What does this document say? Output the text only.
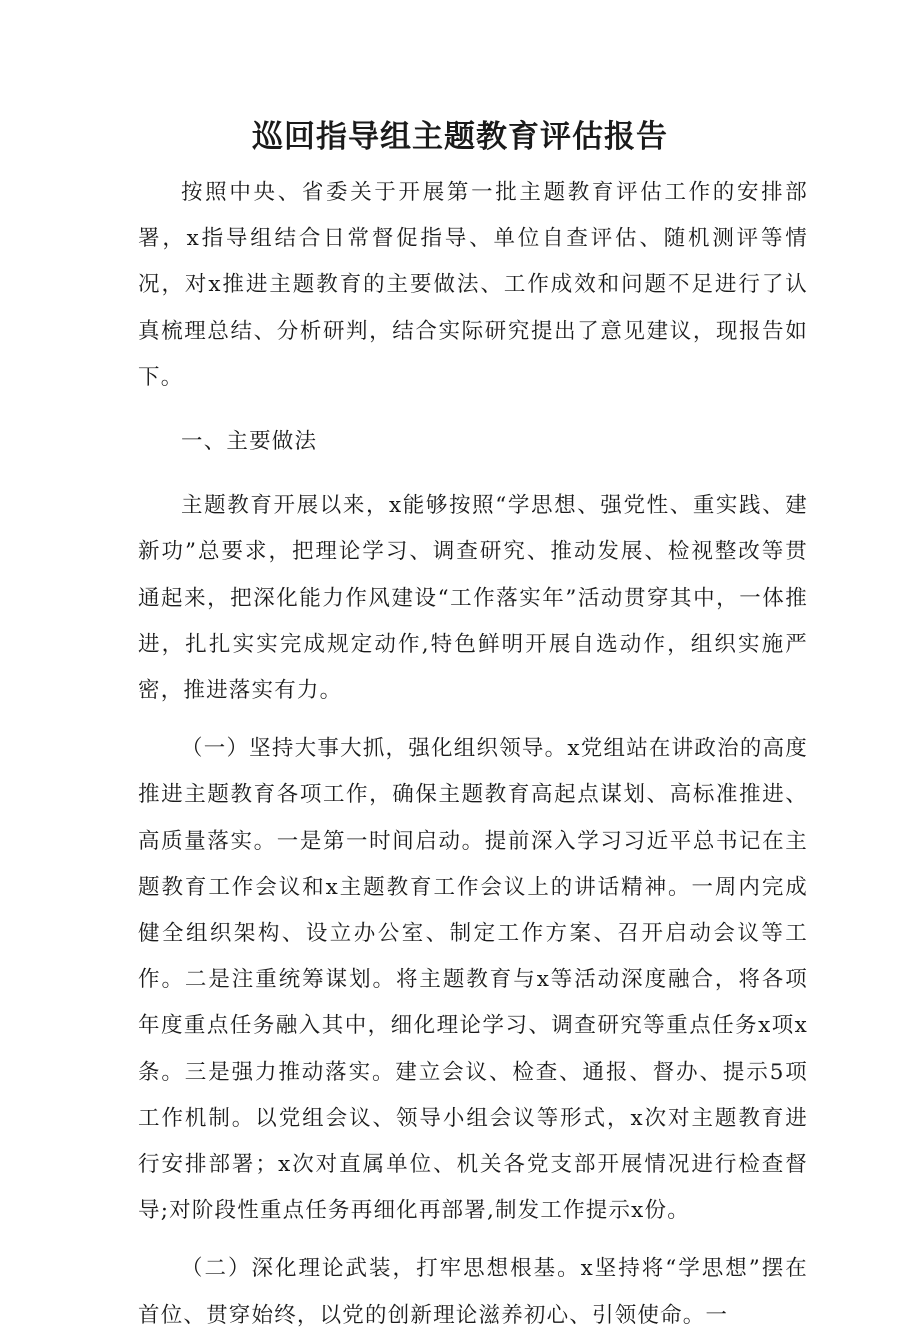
巡回指导组主题教育评估报告

按照中央、省委关于开展第一批主题教育评估工作的安排部署，x指导组结合日常督促指导、单位自查评估、随机测评等情况，对x推进主题教育的主要做法、工作成效和问题不足进行了认真梳理总结、分析研判，结合实际研究提出了意见建议，现报告如下。

一、主要做法

主题教育开展以来，x能够按照“学思想、强党性、重实践、建新功”总要求，把理论学习、调查研究、推动发展、检视整改等贯通起来，把深化能力作风建设“工作落实年”活动贯穿其中，一体推进，扎扎实实完成规定动作,特色鲜明开展自选动作，组织实施严密，推进落实有力。

（一）坚持大事大抓，强化组织领导。x党组站在讲政治的高度推进主题教育各项工作，确保主题教育高起点谋划、高标准推进、高质量落实。一是第一时间启动。提前深入学习习近平总书记在主题教育工作会议和x主题教育工作会议上的讲话精神。一周内完成健全组织架构、设立办公室、制定工作方案、召开启动会议等工作。二是注重统筹谋划。将主题教育与x等活动深度融合，将各项年度重点任务融入其中，细化理论学习、调查研究等重点任务x项x条。三是强力推动落实。建立会议、检查、通报、督办、提示5项工作机制。以党组会议、领导小组会议等形式，x次对主题教育进行安排部署；x次对直属单位、机关各党支部开展情况进行检查督导;对阶段性重点任务再细化再部署,制发工作提示x份。

（二）深化理论武装，打牢思想根基。x坚持将“学思想”摆在首位、贯穿始终，以党的创新理论滋养初心、引领使命。一
